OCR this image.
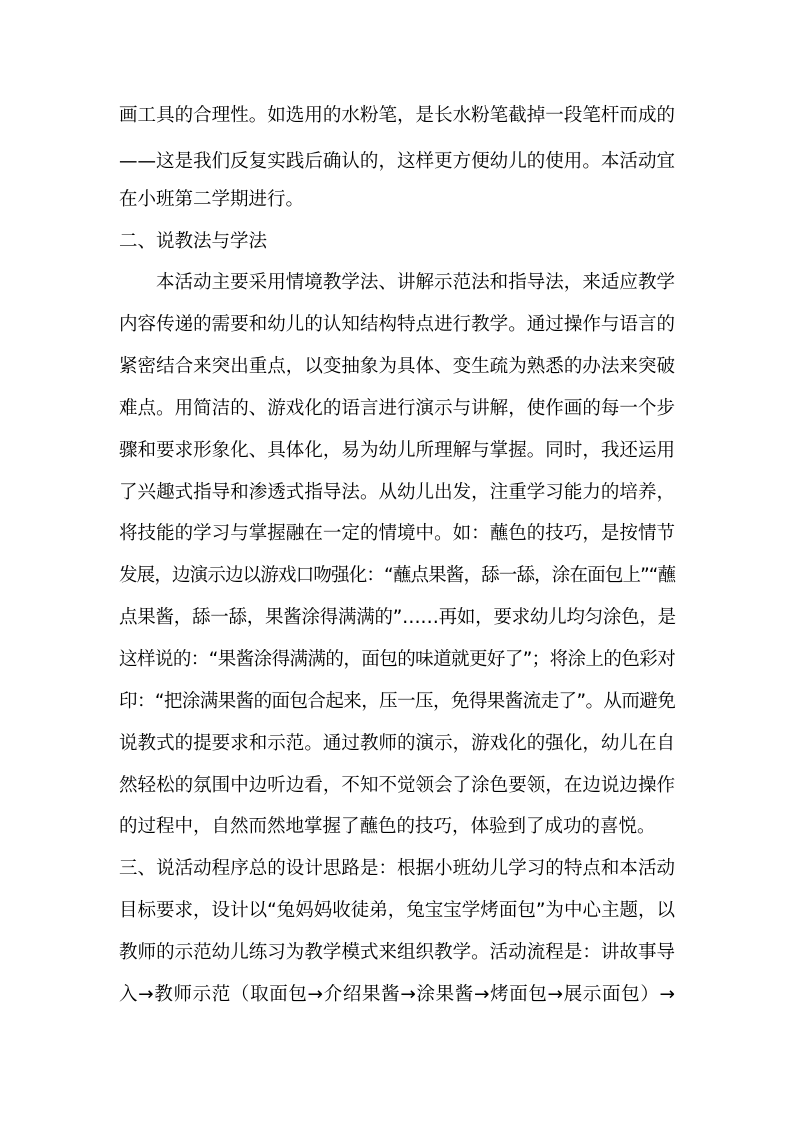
画工具的合理性。如选用的水粉笔，是长水粉笔截掉一段笔杆而成的
——这是我们反复实践后确认的，这样更方便幼儿的使用。本活动宜
在小班第二学期进行。
二、说教法与学法
本活动主要采用情境教学法、讲解示范法和指导法，来适应教学
内容传递的需要和幼儿的认知结构特点进行教学。通过操作与语言的
紧密结合来突出重点，以变抽象为具体、变生疏为熟悉的办法来突破
难点。用简洁的、游戏化的语言进行演示与讲解，使作画的每一个步
骤和要求形象化、具体化，易为幼儿所理解与掌握。同时，我还运用
了兴趣式指导和渗透式指导法。从幼儿出发，注重学习能力的培养，
将技能的学习与掌握融在一定的情境中。如：蘸色的技巧，是按情节
发展，边演示边以游戏口吻强化：“蘸点果酱，舔一舔，涂在面包上”“蘸
点果酱，舔一舔，果酱涂得满满的”……再如，要求幼儿均匀涂色，是
这样说的：“果酱涂得满满的，面包的味道就更好了”；将涂上的色彩对
印：“把涂满果酱的面包合起来，压一压，免得果酱流走了”。从而避免
说教式的提要求和示范。通过教师的演示，游戏化的强化，幼儿在自
然轻松的氛围中边听边看，不知不觉领会了涂色要领，在边说边操作
的过程中，自然而然地掌握了蘸色的技巧，体验到了成功的喜悦。
三、说活动程序总的设计思路是：根据小班幼儿学习的特点和本活动
目标要求，设计以“兔妈妈收徒弟，兔宝宝学烤面包”为中心主题，以
教师的示范幼儿练习为教学模式来组织教学。活动流程是：讲故事导
入→教师示范（取面包→介绍果酱→涂果酱→烤面包→展示面包）→
